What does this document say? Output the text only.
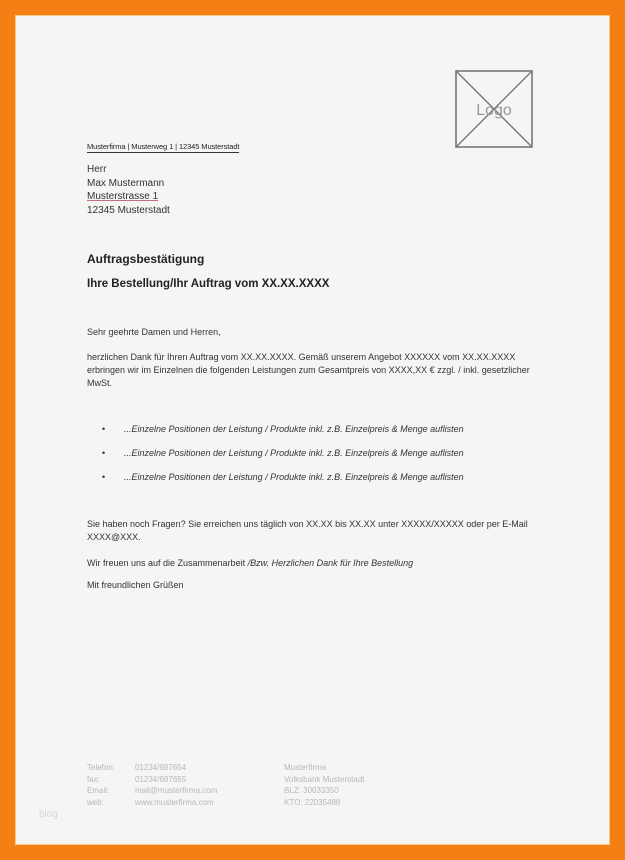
Logo
Musterfirma | Musterweg 1 | 12345 Musterstadt
Herr
Max Mustermann
Musterstrasse 1
12345 Musterstadt
Auftragsbestätigung
Ihre Bestellung/Ihr Auftrag vom XX.XX.XXXX
Sehr geehrte Damen und Herren,
herzlichen Dank für Ihren Auftrag vom XX.XX.XXXX. Gemäß unserem Angebot XXXXXX vom XX.XX.XXXX erbringen wir im Einzelnen die folgenden Leistungen zum Gesamtpreis von XXXX,XX € zzgl. / inkl. gesetzlicher MwSt.
•	...Einzelne Positionen der Leistung / Produkte inkl. z.B. Einzelpreis & Menge auflisten
•	...Einzelne Positionen der Leistung / Produkte inkl. z.B. Einzelpreis & Menge auflisten
•	...Einzelne Positionen der Leistung / Produkte inkl. z.B. Einzelpreis & Menge auflisten
Sie haben noch Fragen? Sie erreichen uns täglich von XX.XX bis XX.XX unter XXXXX/XXXXX oder per E-Mail XXXX@XXX.
Wir freuen uns auf die Zusammenarbeit /Bzw. Herzlichen Dank für Ihre Bestellung
Mit freundlichen Grüßen
Telefon:	01234/987654
fax:	01234/987655
Email:	mail@musterfirma.com
web:	www.musterfirma.com
Musterfirma
Volksbank Musterstadt
BLZ: 30033350
KTO: 22035488
blog
